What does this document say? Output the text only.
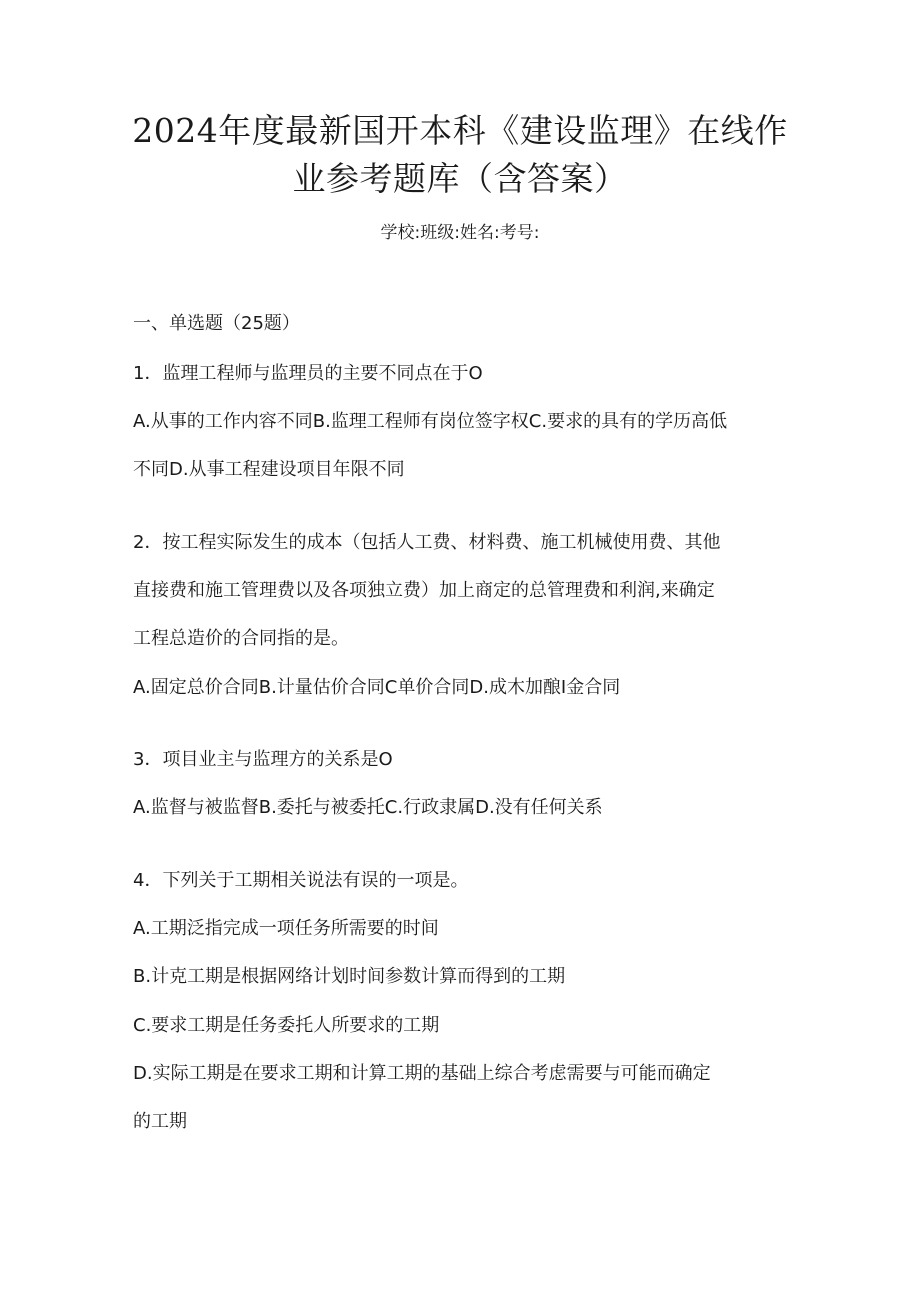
2024年度最新国开本科《建设监理》在线作
业参考题库（含答案）
学校:班级:姓名:考号:
一、单选题（25题）
1．监理工程师与监理员的主要不同点在于O
A.从事的工作内容不同B.监理工程师有岗位签字权C.要求的具有的学历高低
不同D.从事工程建设项目年限不同
2．按工程实际发生的成本（包括人工费、材料费、施工机械使用费、其他
直接费和施工管理费以及各项独立费）加上商定的总管理费和利润,来确定
工程总造价的合同指的是。
A.固定总价合同B.计量估价合同C单价合同D.成木加酿I金合同
3．项目业主与监理方的关系是O
A.监督与被监督B.委托与被委托C.行政隶属D.没有任何关系
4．下列关于工期相关说法有误的一项是。
A.工期泛指完成一项任务所需要的时间
B.计克工期是根据网络计划时间参数计算而得到的工期
C.要求工期是任务委托人所要求的工期
D.实际工期是在要求工期和计算工期的基础上综合考虑需要与可能而确定
的工期
